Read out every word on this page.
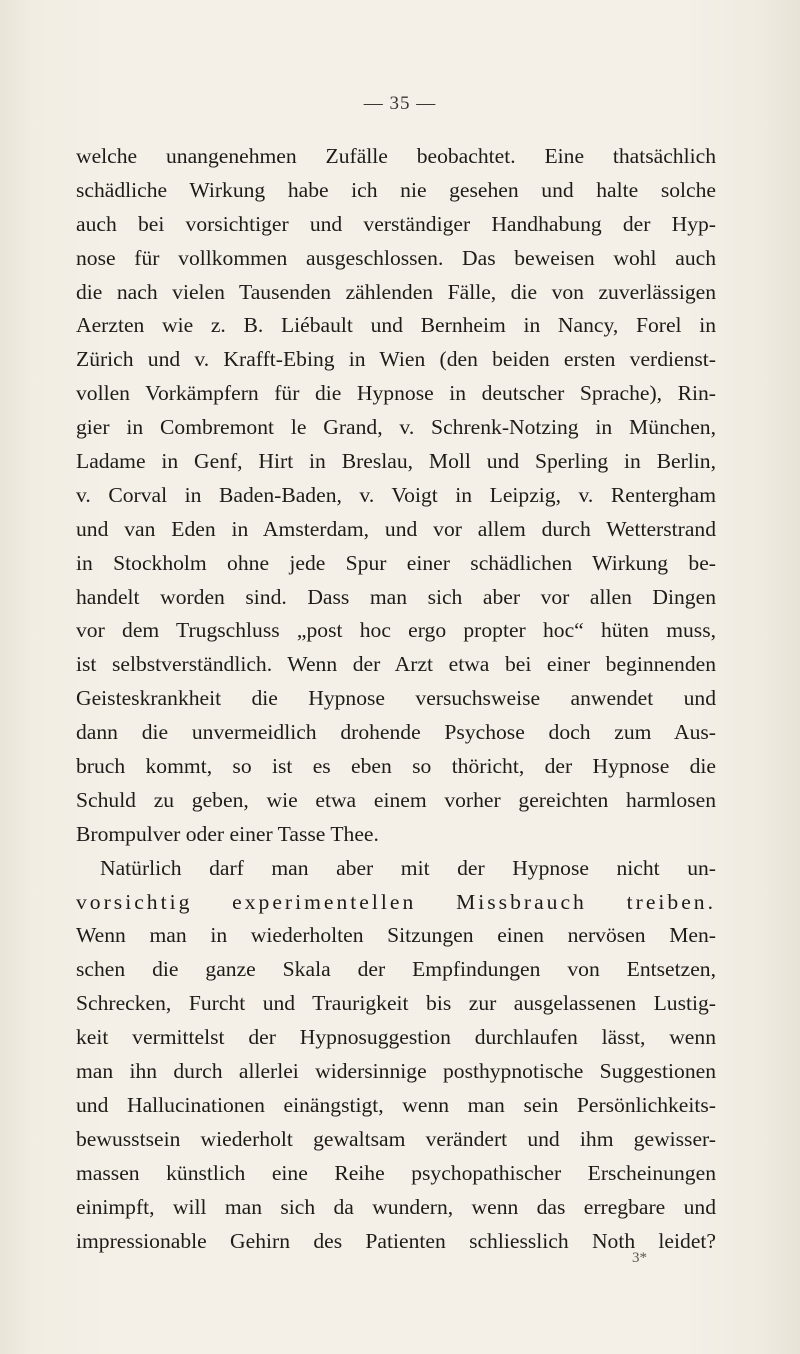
— 35 —
welche unangenehmen Zufälle beobachtet. Eine thatsächlich
schädliche Wirkung habe ich nie gesehen und halte solche
auch bei vorsichtiger und verständiger Handhabung der Hyp-
nose für vollkommen ausgeschlossen. Das beweisen wohl auch
die nach vielen Tausenden zählenden Fälle, die von zuverlässigen
Aerzten wie z. B. Liébault und Bernheim in Nancy, Forel in
Zürich und v. Krafft-Ebing in Wien (den beiden ersten verdienst-
vollen Vorkämpfern für die Hypnose in deutscher Sprache), Rin-
gier in Combremont le Grand, v. Schrenk-Notzing in München,
Ladame in Genf, Hirt in Breslau, Moll und Sperling in Berlin,
v. Corval in Baden-Baden, v. Voigt in Leipzig, v. Rentergham
und van Eden in Amsterdam, und vor allem durch Wetterstrand
in Stockholm ohne jede Spur einer schädlichen Wirkung be-
handelt worden sind. Dass man sich aber vor allen Dingen
vor dem Trugschluss „post hoc ergo propter hoc“ hüten muss,
ist selbstverständlich. Wenn der Arzt etwa bei einer beginnenden
Geisteskrankheit die Hypnose versuchsweise anwendet und
dann die unvermeidlich drohende Psychose doch zum Aus-
bruch kommt, so ist es eben so thöricht, der Hypnose die
Schuld zu geben, wie etwa einem vorher gereichten harmlosen
Brompulver oder einer Tasse Thee.
Natürlich darf man aber mit der Hypnose nicht un-
vorsichtig experimentellen Missbrauch treiben.
Wenn man in wiederholten Sitzungen einen nervösen Men-
schen die ganze Skala der Empfindungen von Entsetzen,
Schrecken, Furcht und Traurigkeit bis zur ausgelassenen Lustig-
keit vermittelst der Hypnosuggestion durchlaufen lässt, wenn
man ihn durch allerlei widersinnige posthypnotische Suggestionen
und Hallucinationen einängstigt, wenn man sein Persönlichkeits-
bewusstsein wiederholt gewaltsam verändert und ihm gewisser-
massen künstlich eine Reihe psychopathischer Erscheinungen
einimpft, will man sich da wundern, wenn das erregbare und
impressionable Gehirn des Patienten schliesslich Noth leidet?
3*
